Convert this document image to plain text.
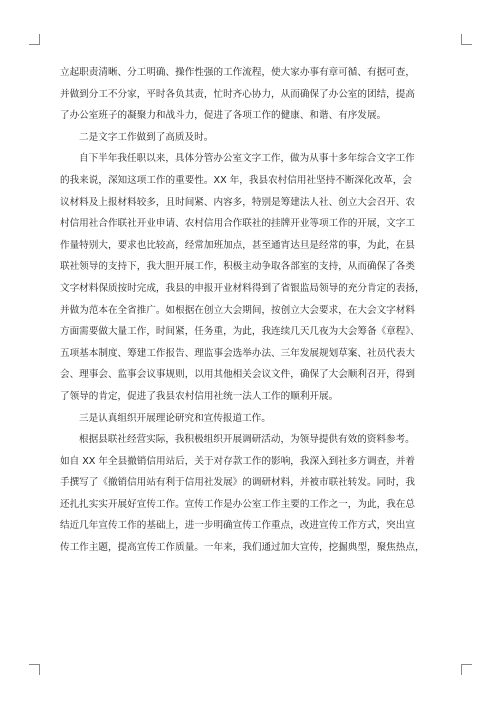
立起职责清晰、分工明确、操作性强的工作流程，使大家办事有章可循、有据可查，
并做到分工不分家，平时各负其责，忙时齐心协力，从而确保了办公室的团结，提高
了办公室班子的凝聚力和战斗力，促进了各项工作的健康、和谐、有序发展。
二是文字工作做到了高质及时。
自下半年我任职以来，具体分管办公室文字工作，做为从事十多年综合文字工作
的我来说，深知这项工作的重要性。XX 年，我县农村信用社坚持不断深化改革，会
议材料及上报材料较多，且时间紧、内容多，特别是筹建法人社、创立大会召开、农
村信用社合作联社开业申请、农村信用合作联社的挂牌开业等项工作的开展，文字工
作量特别大，要求也比较高，经常加班加点，甚至通宵达旦是经常的事，为此，在县
联社领导的支持下，我大胆开展工作，积极主动争取各部室的支持，从而确保了各类
文字材料保质按时完成，我县的申报开业材料得到了省银监局领导的充分肯定的表扬，
并做为范本在全省推广。如根据在创立大会期间，按创立大会要求，在大会文字材料
方面需要做大量工作，时间紧，任务重，为此，我连续几天几夜为大会筹备《章程》、
五项基本制度、筹建工作报告、理监事会选举办法、三年发展规划草案、社员代表大
会、理事会、监事会议事规则，以用其他相关会议文件，确保了大会顺利召开，得到
了领导的肯定，促进了我县农村信用社统一法人工作的顺利开展。
三是认真组织开展理论研究和宣传报道工作。
根据县联社经营实际，我积极组织开展调研活动，为领导提供有效的资料参考。
如自 XX 年全县撤销信用站后，关于对存款工作的影响，我深入到社多方调查，并着
手撰写了《撤销信用站有利于信用社发展》的调研材料，并被市联社转发。同时，我
还扎扎实实开展好宣传工作。宣传工作是办公室工作主要的工作之一，为此，我在总
结近几年宣传工作的基础上，进一步明确宣传工作重点，改进宣传工作方式，突出宣
传工作主题，提高宣传工作质量。一年来，我们通过加大宣传，挖掘典型，聚焦热点，
